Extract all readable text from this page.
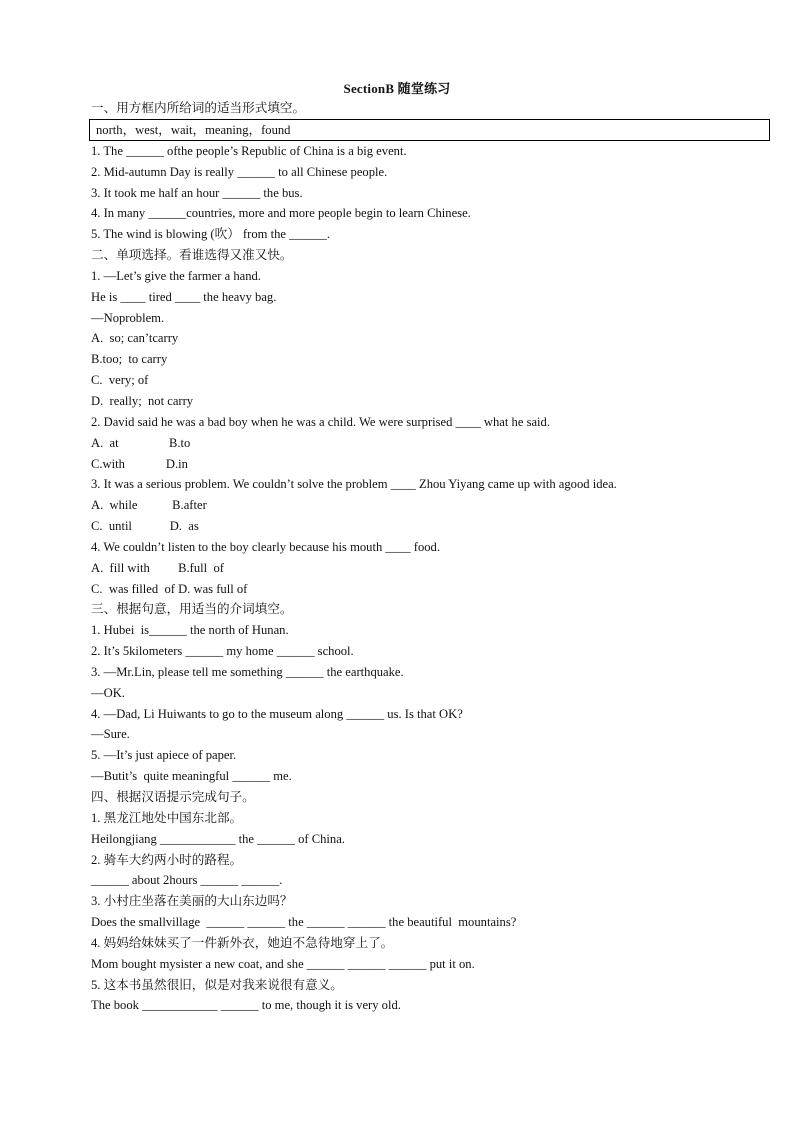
SectionB 随堂练习
一、用方框内所给词的适当形式填空。
north，west，wait，meaning，found
1. The ______ ofthe people’s Republic of China is a big event.
2. Mid-autumn Day is really ______ to all Chinese people.
3. It took me half an hour ______ the bus.
4. In many ______countries, more and more people begin to learn Chinese.
5. The wind is blowing (吹） from the ______.
二、单项选择。看谁选得又准又快。
1. —Let’s give the farmer a hand.
He is ____ tired ____ the heavy bag.
—Noproblem.
A.  so; can’tcarry
B.too;  to carry
C.  very; of
D.  really;  not carry
2. David said he was a bad boy when he was a child. We were surprised ____ what he said.
A.  at                B.to
C.with             D.in
3. It was a serious problem. We couldn’t solve the problem ____ Zhou Yiyang came up with agood idea.
A.  while           B.after
C.  until            D.  as
4. We couldn’t listen to the boy clearly because his mouth ____ food.
A.  fill with         B.full  of
C.  was filled  of D. was full of
三、根据句意，用适当的介词填空。
1. Hubei  is______ the north of Hunan.
2. It’s 5kilometers ______ my home ______ school.
3. —Mr.Lin, please tell me something ______ the earthquake.
—OK.
4. —Dad, Li Huiwants to go to the museum along ______ us. Is that OK?
—Sure.
5. —It’s just apiece of paper.
—Butit’s  quite meaningful ______ me.
四、根据汉语提示完成句子。
1. 黑龙江地处中国东北部。
Heilongjiang ____________ the ______ of China.
2. 骑车大约两小时的路程。
______ about 2hours ______ ______.
3. 小村庄坐落在美丽的大山东边吗？
Does the smallvillage  ______ ______ the ______ ______ the beautiful  mountains?
4. 妈妈给妹妹买了一件新外衣，她迫不急待地穿上了。
Mom bought mysister a new coat, and she ______ ______ ______ put it on.
5. 这本书虽然很旧，似是对我来说很有意义。
The book ____________ ______ to me, though it is very old.
